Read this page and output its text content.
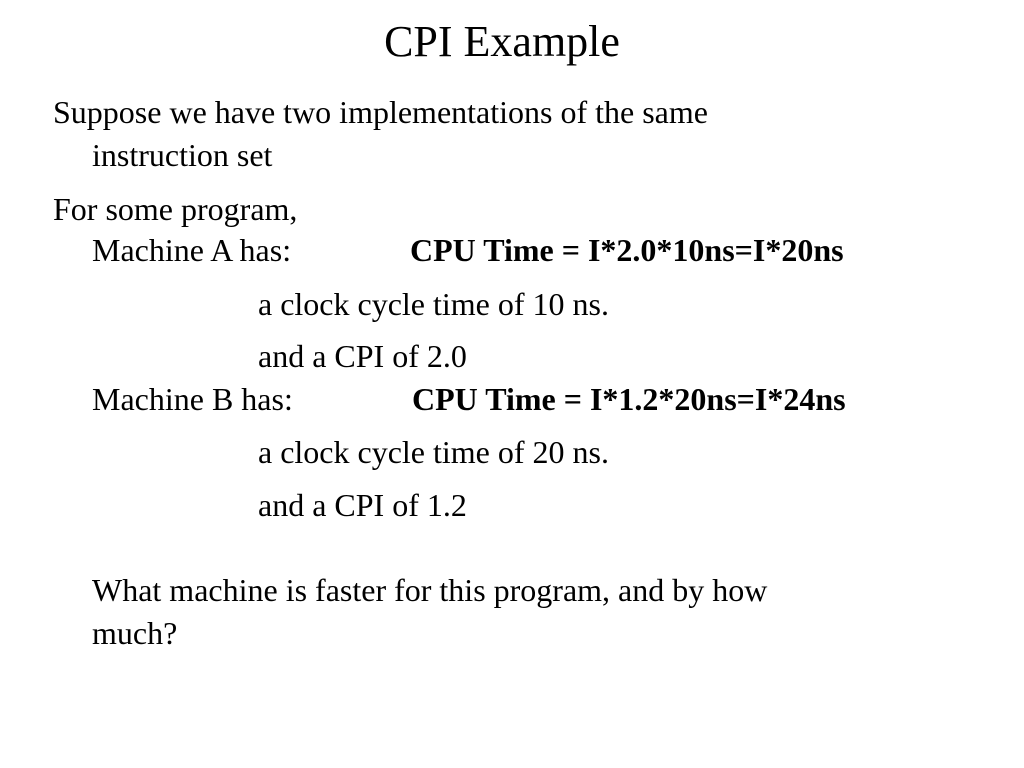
CPI Example
Suppose we have two implementations of the same
instruction set
For some program,
Machine A has:	CPU Time = I*2.0*10ns=I*20ns
a clock cycle time of 10 ns.
and a CPI of 2.0
Machine B has:	CPU Time = I*1.2*20ns=I*24ns
a clock cycle time of 20 ns.
and a CPI of 1.2
What machine is faster for this program, and by how
much?
